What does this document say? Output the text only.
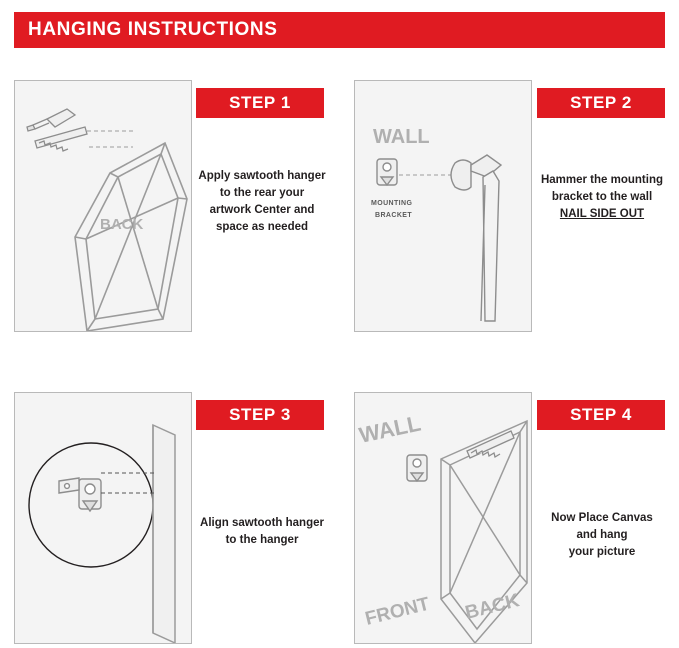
HANGING INSTRUCTIONS
BACK
STEP 1
Apply sawtooth hanger
to the rear your
artwork Center and
space as needed
WALL
MOUNTING
BRACKET
STEP 2
Hammer the mounting
bracket to the wall
NAIL SIDE OUT
STEP 3
Align sawtooth hanger
to the hanger
WALL
FRONT BACK
STEP 4
Now Place Canvas
and hang
your picture
